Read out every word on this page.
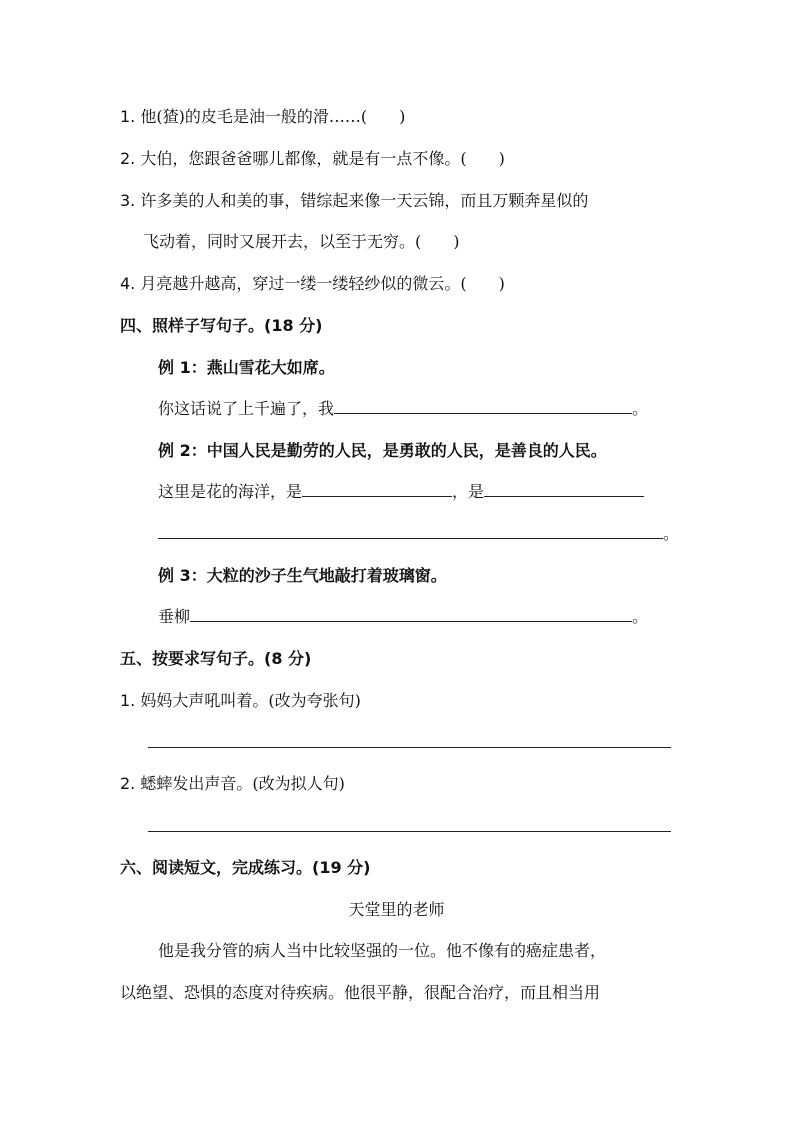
1. 他(猹)的皮毛是油一般的滑……(　　)
2. 大伯，您跟爸爸哪儿都像，就是有一点不像。(　　)
3. 许多美的人和美的事，错综起来像一天云锦，而且万颗奔星似的
飞动着，同时又展开去，以至于无穷。(　　)
4. 月亮越升越高，穿过一缕一缕轻纱似的微云。(　　)
四、照样子写句子。(18 分)
例 1：燕山雪花大如席。
你这话说了上千遍了，我	。
例 2：中国人民是勤劳的人民，是勇敢的人民，是善良的人民。
这里是花的海洋，是	，是
。
例 3：大粒的沙子生气地敲打着玻璃窗。
垂柳	。
五、按要求写句子。(8 分)
1. 妈妈大声吼叫着。(改为夸张句)
2. 蟋蟀发出声音。(改为拟人句)
六、阅读短文，完成练习。(19 分)
天堂里的老师
他是我分管的病人当中比较坚强的一位。他不像有的癌症患者，
以绝望、恐惧的态度对待疾病。他很平静，很配合治疗，而且相当用
